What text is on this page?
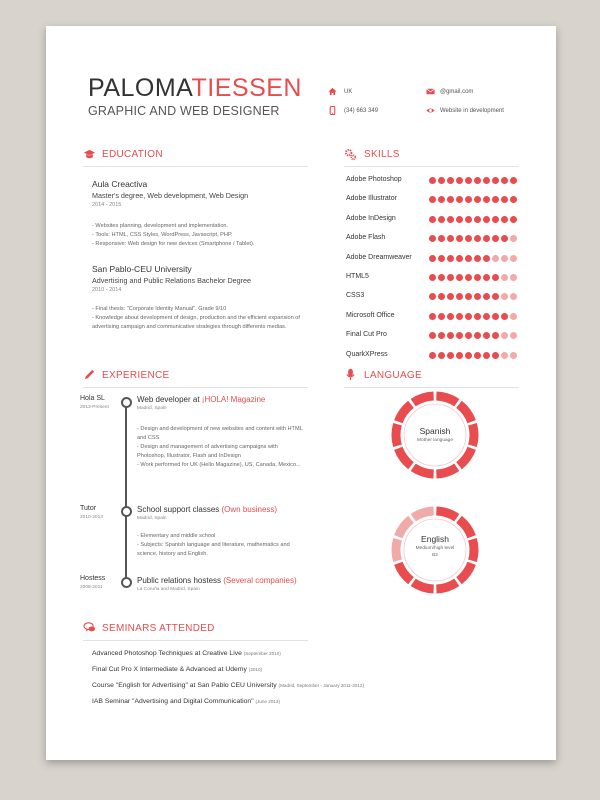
PALOMATIESSEN
GRAPHIC AND WEB DESIGNER
UK
(34) 663 349
@gmail.com
Website in development
EDUCATION
Aula Creactiva
Master's degree, Web development, Web Design
2014 - 2015
- Websites planning, development and implementation.
- Tools: HTML, CSS Styles, WordPress, Javascript, PHP.
- Responsive: Web design for new devices (Smartphone / Tablet).
San Pablo-CEU University
Advertising and Public Relations Bachelor Degree
2010 - 2014
- Final thesis: "Corporate Identity Manual". Grade 9/10
- Knowledge about development of design, production and the efficient expansion of advertising campaign and communicative strategies through differents medias.
SKILLS
Adobe Photoshop
Adobe Illustrator
Adobe InDesign
Adobe Flash
Adobe Dreamweaver
HTML5
CSS3
Microsoft Office
Final Cut Pro
QuarkXPress
EXPERIENCE
Hola SL
2013-Present
Web developer at ¡HOLA! Magazine
Madrid, Spain
- Design and development of new websites and content with HTML and CSS
- Design and management of advertising campaigns with Photoshop, Illustrator, Flash and InDesign
- Work performed for UK (Hello Magazine), US, Canada, Mexico...
Tutor
2010-2013
School support classes (Own business)
Madrid, Spain
- Elementary and middle school
- Subjects: Spanish language and literature, mathematics and science, history and English.
Hostess
2008-2011
Public relations hostess (Several companies)
La Coruña and Madrid, Spain
LANGUAGE
Spanish
Mother language
English
Medium/high level
B2
SEMINARS ATTENDED
Advanced Photoshop Techniques at Creative Live (September 2010)
Final Cut Pro X Intermediate & Advanced at Udemy (2010)
Course "English for Advertising" at San Pablo CEU University (Madrid, September - January 2011-2012)
IAB Seminar "Advertising and Digital Communication" (June 2013)
